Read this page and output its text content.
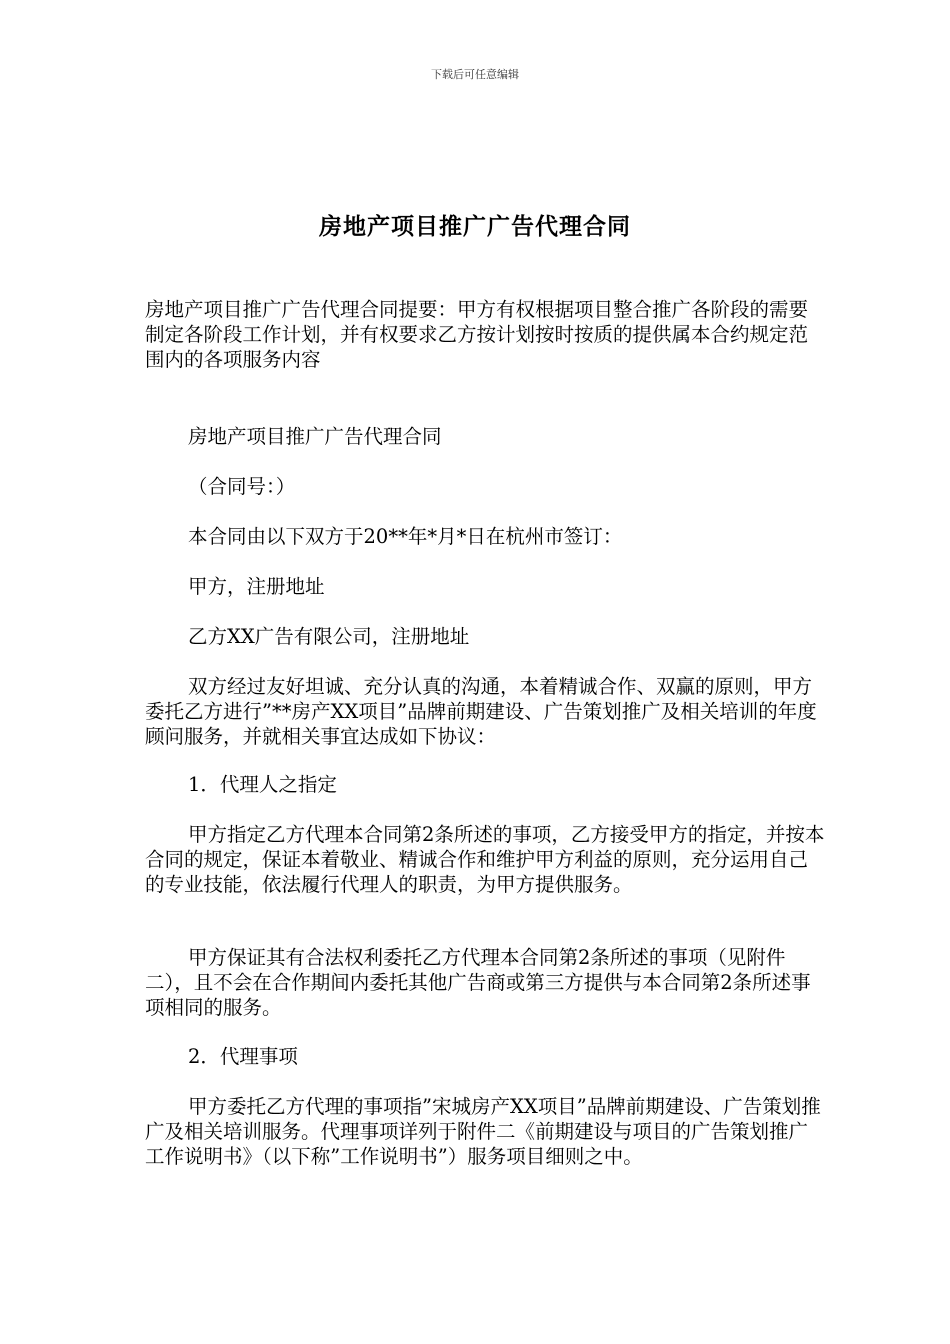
下载后可任意编辑
房地产项目推广广告代理合同
房地产项目推广广告代理合同提要：甲方有权根据项目整合推广各阶段的需要制定各阶段工作计划，并有权要求乙方按计划按时按质的提供属本合约规定范围内的各项服务内容
房地产项目推广广告代理合同
（合同号：）
本合同由以下双方于20**年*月*日在杭州市签订：
甲方，注册地址
乙方XX广告有限公司，注册地址
双方经过友好坦诚、充分认真的沟通，本着精诚合作、双赢的原则，甲方委托乙方进行”**房产XX项目”品牌前期建设、广告策划推广及相关培训的年度顾问服务，并就相关事宜达成如下协议：
1．代理人之指定
甲方指定乙方代理本合同第2条所述的事项，乙方接受甲方的指定，并按本合同的规定，保证本着敬业、精诚合作和维护甲方利益的原则，充分运用自己的专业技能，依法履行代理人的职责，为甲方提供服务。
甲方保证其有合法权利委托乙方代理本合同第2条所述的事项（见附件二），且不会在合作期间内委托其他广告商或第三方提供与本合同第2条所述事项相同的服务。
2．代理事项
甲方委托乙方代理的事项指”宋城房产XX项目”品牌前期建设、广告策划推广及相关培训服务。代理事项详列于附件二《前期建设与项目的广告策划推广工作说明书》（以下称”工作说明书”）服务项目细则之中。
